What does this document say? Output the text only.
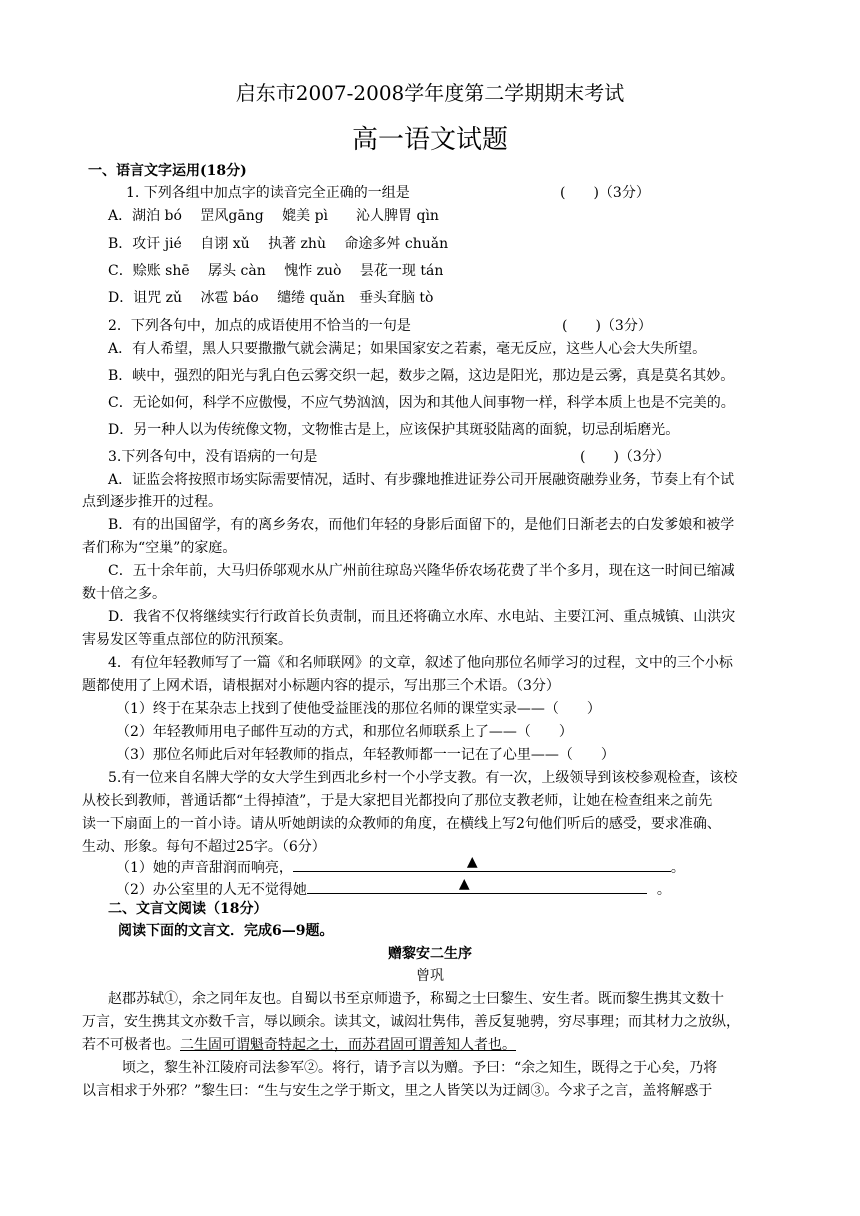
启东市2007-2008学年度第二学期期末考试
高一语文试题
一、语言文字运用(18分)
1. 下列各组中加点字的读音完全正确的一组是	(　　)（3分）
A．湖泊 bó　 罡风gāng　 媲美 pì　　沁人脾胃 qìn
B．攻讦 jié　 自诩 xǔ　 执著 zhù　 命途多舛 chuǎn
C．赊账 shē　 孱头 càn　 愧怍 zuò　 昙花一现 tán
D．诅咒 zǔ　 冰雹 báo　 缱绻 quǎn　垂头耷脑 tò
2．下列各句中，加点的成语使用不恰当的一句是	(　　)（3分）
A．有人希望，黑人只要撒撒气就会满足；如果国家安之若素，毫无反应，这些人心会大失所望。
B．峡中，强烈的阳光与乳白色云雾交织一起，数步之隔，这边是阳光，那边是云雾，真是莫名其妙。
C．无论如何，科学不应傲慢，不应气势汹汹，因为和其他人间事物一样，科学本质上也是不完美的。
D．另一种人以为传统像文物，文物惟古是上，应该保护其斑驳陆离的面貌，切忌刮垢磨光。
3.下列各句中，没有语病的一句是	(　　)（3分）
A．证监会将按照市场实际需要情况，适时、有步骤地推进证券公司开展融资融券业务，节奏上有个试
点到逐步推开的过程。
B．有的出国留学，有的离乡务农，而他们年轻的身影后面留下的，是他们日渐老去的白发爹娘和被学
者们称为“空巢”的家庭。
C．五十余年前，大马归侨邬观水从广州前往琼岛兴隆华侨农场花费了半个多月，现在这一时间已缩减
数十倍之多。
D．我省不仅将继续实行行政首长负责制，而且还将确立水库、水电站、主要江河、重点城镇、山洪灾
害易发区等重点部位的防汛预案。
4．有位年轻教师写了一篇《和名师联网》的文章，叙述了他向那位名师学习的过程，文中的三个小标
题都使用了上网术语，请根据对小标题内容的提示，写出那三个术语。（3分）
（1）终于在某杂志上找到了使他受益匪浅的那位名师的课堂实录——（　　）
（2）年轻教师用电子邮件互动的方式，和那位名师联系上了——（　　）
（3）那位名师此后对年轻教师的指点，年轻教师都一一记在了心里——（　　）
5.有一位来自名牌大学的女大学生到西北乡村一个小学支教。有一次，上级领导到该校参观检查，该校
从校长到教师，普通话都“土得掉渣”，于是大家把目光都投向了那位支教老师，让她在检查组来之前先
读一下扇面上的一首小诗。请从听她朗读的众教师的角度，在横线上写2句他们听后的感受，要求准确、
生动、形象。每句不超过25字。（6分）
（1）她的声音甜润而响亮，	▲	。
（2）办公室里的人无不觉得她	▲	。
二、文言文阅读（18分）
阅读下面的文言文．完成6—9题。
赠黎安二生序
曾巩
赵郡苏轼①，余之同年友也。自蜀以书至京师遗予，称蜀之士曰黎生、安生者。既而黎生携其文数十
万言，安生携其文亦数千言，辱以顾余。读其文，诚闳壮隽伟，善反复驰骋，穷尽事理；而其材力之放纵，
若不可极者也。二生固可谓魁奇特起之士，而苏君固可谓善知人者也。
顷之，黎生补江陵府司法参军②。将行，请予言以为赠。予曰：“余之知生，既得之于心矣，乃将
以言相求于外邪？”黎生曰：“生与安生之学于斯文，里之人皆笑以为迂阔③。今求子之言，盖将解惑于
